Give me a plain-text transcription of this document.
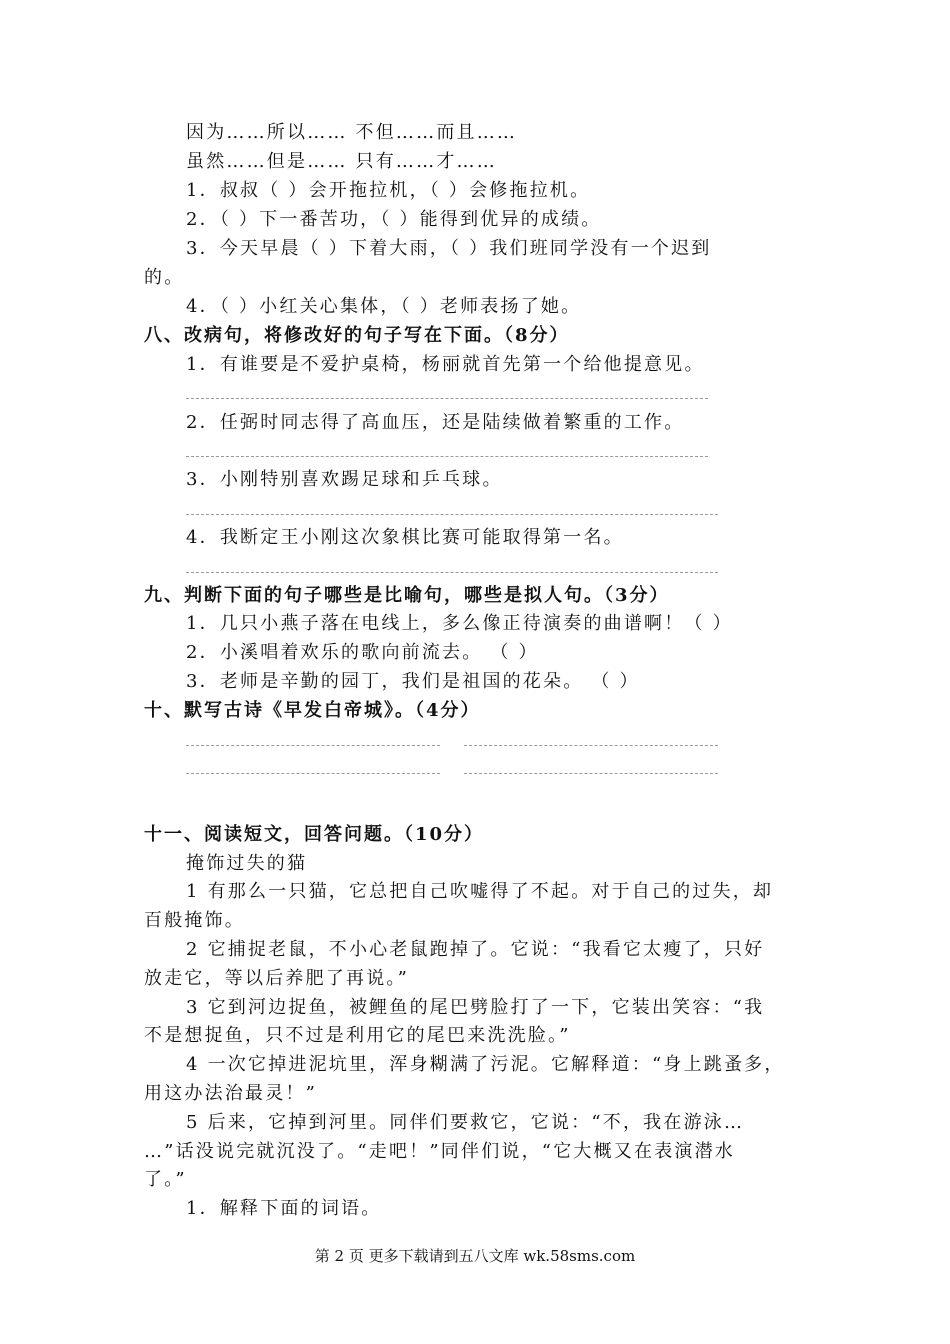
因为……所以…… 不但……而且……
虽然……但是…… 只有……才……
1．叔叔（ ）会开拖拉机，（ ）会修拖拉机。
2．（ ）下一番苦功，（ ）能得到优异的成绩。
3．今天早晨（ ）下着大雨，（ ）我们班同学没有一个迟到
的。
4．（ ）小红关心集体，（ ）老师表扬了她。
八、改病句，将修改好的句子写在下面。（8分）
1．有谁要是不爱护桌椅，杨丽就首先第一个给他提意见。
2．任弼时同志得了高血压，还是陆续做着繁重的工作。
3．小刚特别喜欢踢足球和乒乓球。
4．我断定王小刚这次象棋比赛可能取得第一名。
九、判断下面的句子哪些是比喻句，哪些是拟人句。（3分）
1．几只小燕子落在电线上，多么像正待演奏的曲谱啊！（ ）
2．小溪唱着欢乐的歌向前流去。 （ ）
3．老师是辛勤的园丁，我们是祖国的花朵。 （ ）
十、默写古诗《早发白帝城》。（4分）
十一、阅读短文，回答问题。（10分）
掩饰过失的猫
1 有那么一只猫，它总把自己吹嘘得了不起。对于自己的过失，却
百般掩饰。
2 它捕捉老鼠，不小心老鼠跑掉了。它说：“我看它太瘦了，只好
放走它，等以后养肥了再说。”
3 它到河边捉鱼，被鲤鱼的尾巴劈脸打了一下，它装出笑容：“我
不是想捉鱼，只不过是利用它的尾巴来洗洗脸。”
4 一次它掉进泥坑里，浑身糊满了污泥。它解释道：“身上跳蚤多，
用这办法治最灵！”
5 后来，它掉到河里。同伴们要救它，它说：“不，我在游泳…
…”话没说完就沉没了。“走吧！”同伴们说，“它大概又在表演潜水
了。”
1．解释下面的词语。
第 2 页 更多下载请到五八文库 wk.58sms.com
